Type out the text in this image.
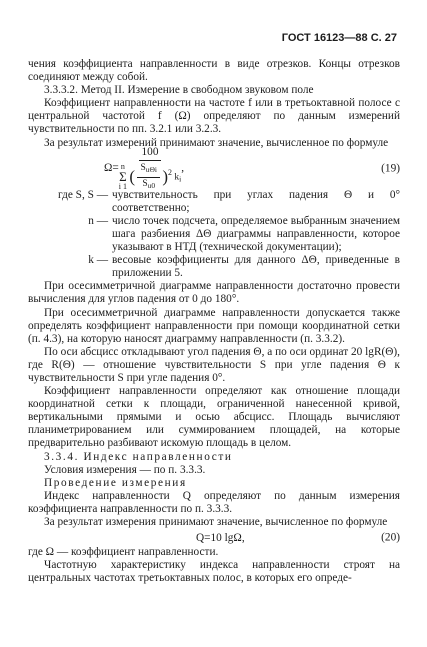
ГОСТ 16123—88 С. 27

чения коэффициента направленности в виде отрезков. Концы отрезков соединяют между собой.

3.3.3.2. Метод II. Измерение в свободном звуковом поле

Коэффициент направленности на частоте f или в третьоктавной полосе с центральной частотой f (Ω) определяют по данным измерений чувствительности по пп. 3.2.1 или 3.2.3.

За результат измерений принимают значение, вычисленное по формуле

Ω=
100
n
Σ
i 1
( $\frac{S_{u\Theta i}}{S_{u0}} )^2$ $k_i$
,	(19)
где S, S — чувствительность при углах падения Θ и 0° соответственно;
n — число точек подсчета, определяемое выбранным значением шага разбиения ΔΘ диаграммы направленности, которое указывают в НТД (технической документации);
k — весовые коэффициенты для данного ΔΘ, приведенные в приложении 5.

При осесимметричной диаграмме направленности достаточно провести вычисления для углов падения от 0 до 180°.

При осесимметричной диаграмме направленности допускается также определять коэффициент направленности при помощи координатной сетки (п. 4.3), на которую наносят диаграмму направленности (п. 3.3.2).

По оси абсцисс откладывают угол падения Θ, а по оси ординат 20 lgR(Θ), где R(Θ) — отношение чувствительности S при угле падения Θ к чувствительности S при угле падения 0°.

Коэффициент направленности определяют как отношение площади координатной сетки к площади, ограниченной нанесенной кривой, вертикальными прямыми и осью абсцисс. Площадь вычисляют планиметрированием или суммированием площадей, на которые предварительно разбивают искомую площадь в целом.

3.3.4. Индекс направленности

Условия измерения — по п. 3.3.3.

Проведение измерения

Индекс направленности Q определяют по данным измерения коэффициента направленности по п. 3.3.3.

За результат измерения принимают значение, вычисленное по формуле

Q=10 lgΩ,	(20)

где Ω — коэффициент направленности.

Частотную характеристику индекса направленности строят на центральных частотах третьоктавных полос, в которых его опреде-
